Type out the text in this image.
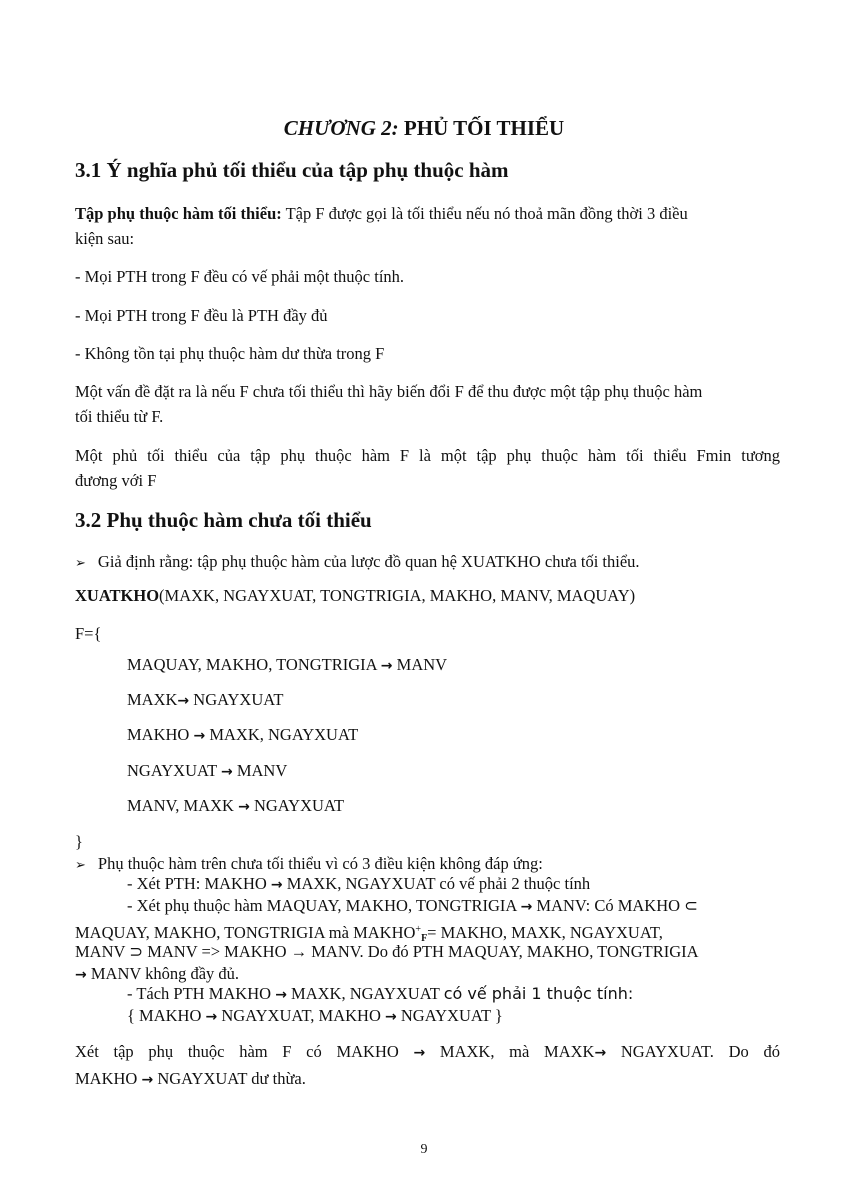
CHƯƠNG 2: PHỦ TỐI THIỂU
3.1 Ý nghĩa phủ tối thiểu của tập phụ thuộc hàm
Tập phụ thuộc hàm tối thiểu: Tập F được gọi là tối thiểu nếu nó thoả mãn đồng thời 3 điều
kiện sau:
- Mọi PTH trong F đều có vế phải một thuộc tính.
- Mọi PTH trong F đều là PTH đầy đủ
- Không tồn tại phụ thuộc hàm dư thừa trong F
Một vấn đề đặt ra là nếu F chưa tối thiểu thì hãy biến đổi F để thu được một tập phụ thuộc hàm
tối thiểu từ F.
Một phủ tối thiểu của tập phụ thuộc hàm F là một tập phụ thuộc hàm tối thiểu Fmin tương
đương với F
3.2 Phụ thuộc hàm chưa tối thiểu
➢ Giả định rằng: tập phụ thuộc hàm của lược đồ quan hệ XUATKHO chưa tối thiểu.
XUATKHO(MAXK, NGAYXUAT, TONGTRIGIA, MAKHO, MANV, MAQUAY)
F={
MAQUAY, MAKHO, TONGTRIGIA → MANV
MAXK→ NGAYXUAT
MAKHO → MAXK, NGAYXUAT
NGAYXUAT → MANV
MANV, MAXK → NGAYXUAT
}
➢ Phụ thuộc hàm trên chưa tối thiểu vì có 3 điều kiện không đáp ứng:
- Xét PTH: MAKHO → MAXK, NGAYXUAT có vế phải 2 thuộc tính
- Xét phụ thuộc hàm MAQUAY, MAKHO, TONGTRIGIA → MANV: Có MAKHO ⊂
MAQUAY, MAKHO, TONGTRIGIA mà $MAKHO^+_F=$ MAKHO, MAXK, NGAYXUAT,
MANV ⊃ MANV => MAKHO → MANV. Do đó PTH MAQUAY, MAKHO, TONGTRIGIA
→ MANV không đầy đủ.
- Tách PTH MAKHO → MAXK, NGAYXUAT có vế phải 1 thuộc tính:
{ MAKHO → NGAYXUAT, MAKHO → NGAYXUAT }
Xét tập phụ thuộc hàm F có MAKHO → MAXK, mà MAXK→ NGAYXUAT. Do đó
MAKHO → NGAYXUAT dư thừa.
9
